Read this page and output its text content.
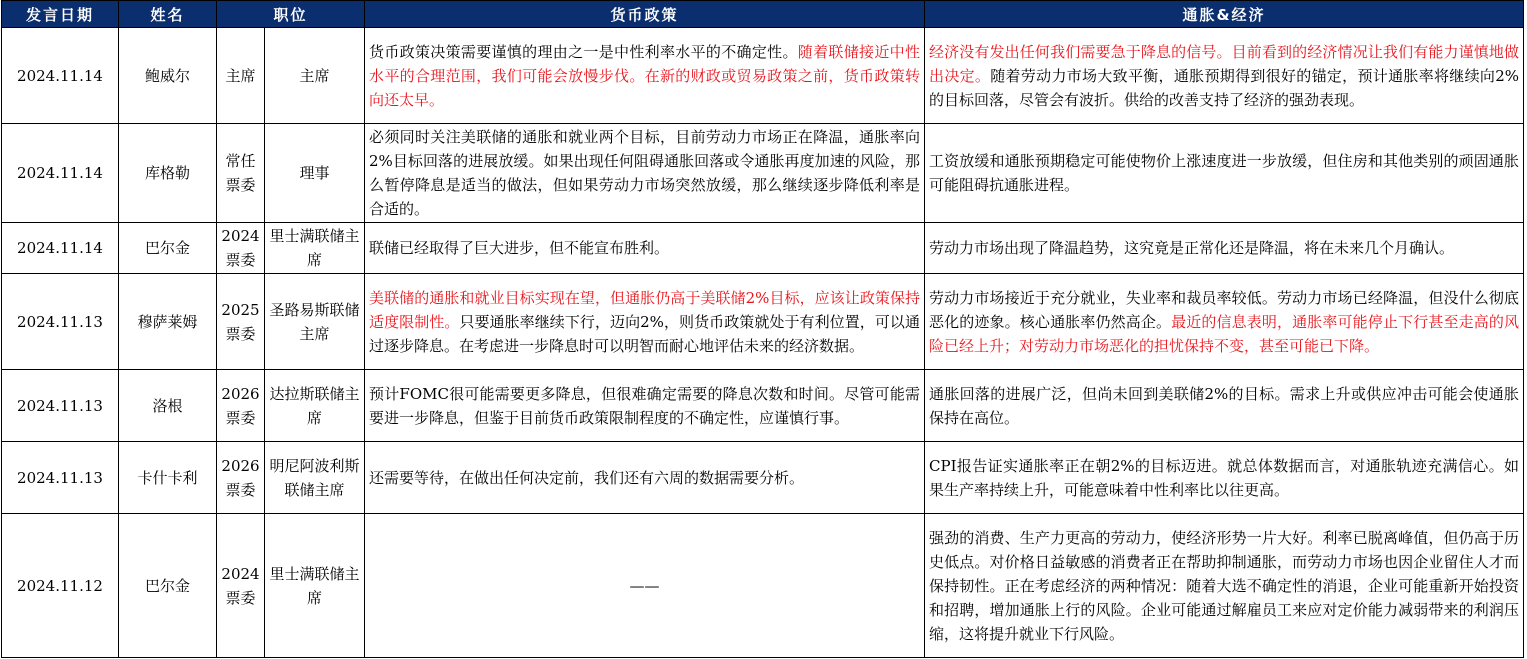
发言日期	姓名	职位		货币政策	通胀&经济
2024.11.14	鲍威尔	主席	主席	货币政策决策需要谨慎的理由之一是中性利率水平的不确定性。随着联储接近中性水平的合理范围，我们可能会放慢步伐。在新的财政或贸易政策之前，货币政策转向还太早。	经济没有发出任何我们需要急于降息的信号。目前看到的经济情况让我们有能力谨慎地做出决定。随着劳动力市场大致平衡，通胀预期得到很好的锚定，预计通胀率将继续向2%的目标回落，尽管会有波折。供给的改善支持了经济的强劲表现。
2024.11.14	库格勒	常任票委	理事	必须同时关注美联储的通胀和就业两个目标，目前劳动力市场正在降温，通胀率向2%目标回落的进展放缓。如果出现任何阻碍通胀回落或令通胀再度加速的风险，那么暂停降息是适当的做法，但如果劳动力市场突然放缓，那么继续逐步降低利率是合适的。	工资放缓和通胀预期稳定可能使物价上涨速度进一步放缓，但住房和其他类别的顽固通胀可能阻碍抗通胀进程。
2024.11.14	巴尔金	2024票委	里士满联储主席	联储已经取得了巨大进步，但不能宣布胜利。	劳动力市场出现了降温趋势，这究竟是正常化还是降温，将在未来几个月确认。
2024.11.13	穆萨莱姆	2025票委	圣路易斯联储主席	美联储的通胀和就业目标实现在望，但通胀仍高于美联储2%目标，应该让政策保持适度限制性。只要通胀率继续下行，迈向2%，则货币政策就处于有利位置，可以通过逐步降息。在考虑进一步降息时可以明智而耐心地评估未来的经济数据。	劳动力市场接近于充分就业，失业率和裁员率较低。劳动力市场已经降温，但没什么彻底恶化的迹象。核心通胀率仍然高企。最近的信息表明，通胀率可能停止下行甚至走高的风险已经上升；对劳动力市场恶化的担忧保持不变，甚至可能已下降。
2024.11.13	洛根	2026票委	达拉斯联储主席	预计FOMC很可能需要更多降息，但很难确定需要的降息次数和时间。尽管可能需要进一步降息，但鉴于目前货币政策限制程度的不确定性，应谨慎行事。	通胀回落的进展广泛，但尚未回到美联储2%的目标。需求上升或供应冲击可能会使通胀保持在高位。
2024.11.13	卡什卡利	2026票委	明尼阿波利斯联储主席	还需要等待，在做出任何决定前，我们还有六周的数据需要分析。	CPI报告证实通胀率正在朝2%的目标迈进。就总体数据而言，对通胀轨迹充满信心。如果生产率持续上升，可能意味着中性利率比以往更高。
2024.11.12	巴尔金	2024票委	里士满联储主席	——	强劲的消费、生产力更高的劳动力，使经济形势一片大好。利率已脱离峰值，但仍高于历史低点。对价格日益敏感的消费者正在帮助抑制通胀，而劳动力市场也因企业留住人才而保持韧性。正在考虑经济的两种情况：随着大选不确定性的消退，企业可能重新开始投资和招聘，增加通胀上行的风险。企业可能通过解雇员工来应对定价能力减弱带来的利润压缩，这将提升就业下行风险。
